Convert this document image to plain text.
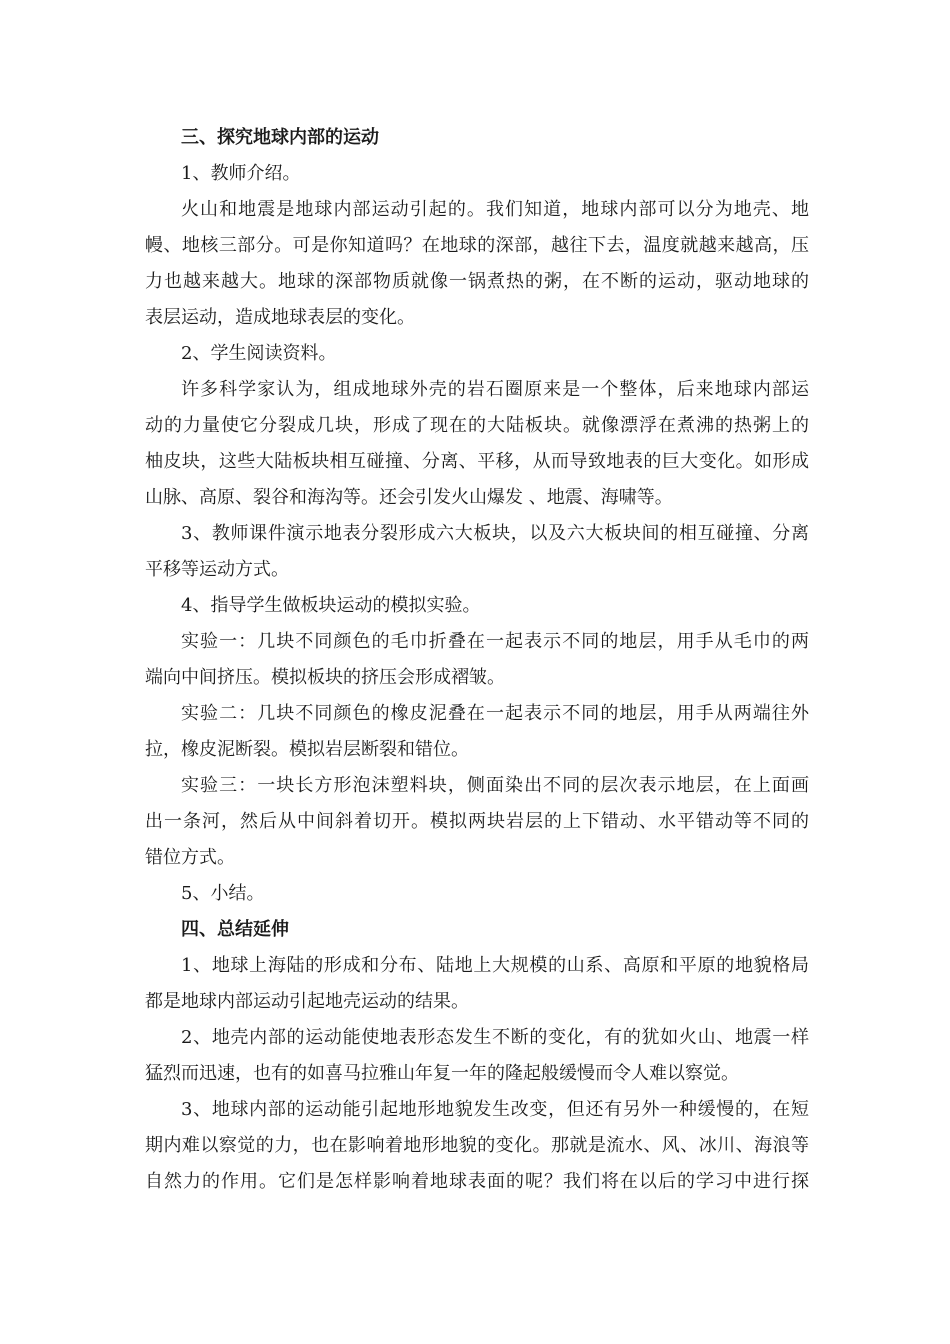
三、探究地球内部的运动
1、教师介绍。
火山和地震是地球内部运动引起的。我们知道，地球内部可以分为地壳、地
幔、地核三部分。可是你知道吗？在地球的深部，越往下去，温度就越来越高，压
力也越来越大。地球的深部物质就像一锅煮热的粥，在不断的运动，驱动地球的
表层运动，造成地球表层的变化。
2、学生阅读资料。
许多科学家认为，组成地球外壳的岩石圈原来是一个整体，后来地球内部运
动的力量使它分裂成几块，形成了现在的大陆板块。就像漂浮在煮沸的热粥上的
柚皮块，这些大陆板块相互碰撞、分离、平移，从而导致地表的巨大变化。如形成
山脉、高原、裂谷和海沟等。还会引发火山爆发 、地震、海啸等。
3、教师课件演示地表分裂形成六大板块，以及六大板块间的相互碰撞、分离
平移等运动方式。
4、指导学生做板块运动的模拟实验。
实验一：几块不同颜色的毛巾折叠在一起表示不同的地层，用手从毛巾的两
端向中间挤压。模拟板块的挤压会形成褶皱。
实验二：几块不同颜色的橡皮泥叠在一起表示不同的地层，用手从两端往外
拉，橡皮泥断裂。模拟岩层断裂和错位。
实验三：一块长方形泡沫塑料块，侧面染出不同的层次表示地层，在上面画
出一条河，然后从中间斜着切开。模拟两块岩层的上下错动、水平错动等不同的
错位方式。
5、小结。
四、总结延伸
1、地球上海陆的形成和分布、陆地上大规模的山系、高原和平原的地貌格局
都是地球内部运动引起地壳运动的结果。
2、地壳内部的运动能使地表形态发生不断的变化，有的犹如火山、地震一样
猛烈而迅速，也有的如喜马拉雅山年复一年的隆起般缓慢而令人难以察觉。
3、地球内部的运动能引起地形地貌发生改变，但还有另外一种缓慢的，在短
期内难以察觉的力，也在影响着地形地貌的变化。那就是流水、风、冰川、海浪等
自然力的作用。它们是怎样影响着地球表面的呢？我们将在以后的学习中进行探
